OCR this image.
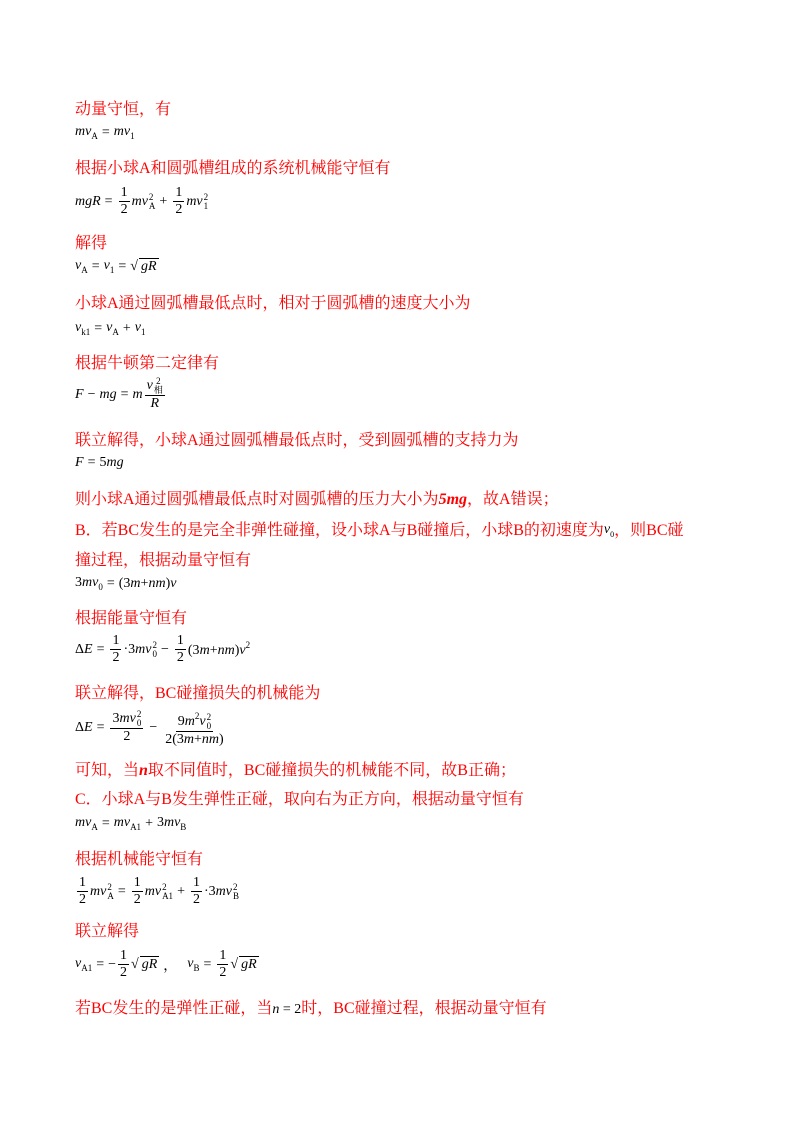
动量守恒，有
$mv_A = mv_1$
根据小球A和圆弧槽组成的系统机械能守恒有
mgR = $\frac{1}{2}$ mv 2
$A + \frac{1}{2}$ mv 2
1
解得
$v_A = v_1$ = √ gR
小球A通过圆弧槽最低点时，相对于圆弧槽的速度大小为
$v_{k1} = v_A + v_1$
根据牛顿第二定律有
F − mg = m v 2
相
R
联立解得，小球A通过圆弧槽最低点时，受到圆弧槽的支持力为
F = 5mg
则小球A通过圆弧槽最低点时对圆弧槽的压力大小为5mg，故A错误；
B．若BC发生的是完全非弹性碰撞，设小球A与B碰撞后，小球B的初速度为$v_0$，则BC碰
撞过程，根据动量守恒有
$3mv_0 = (3m+nm)v$
根据能量守恒有
$\Delta E = \frac{1}{2} \cdot 3mv$ 2
$0 - \frac{1}{2} (3m+nm)v^2$
联立解得，BC碰撞损失的机械能为
ΔE = 3mv 2
0
$2 - 9m^2v$ 2
0
2(3m+nm)
可知，当n取不同值时，BC碰撞损失的机械能不同，故B正确；
C．小球A与B发生弹性正碰，取向右为正方向，根据动量守恒有
$mv_A = mv_{A1} + 3mv_B$
根据机械能守恒有
$\frac{1}{2}$ mv 2
$A = \frac{1}{2}$ mv 2
$A1 + \frac{1}{2} \cdot 3mv$ 2
B
联立解得
$v_{A1}$ = − $\frac{1}{2}$ √ gR ， $v_B = \frac{1}{2}$ √ gR
若BC发生的是弹性正碰，当n = 2时，BC碰撞过程，根据动量守恒有
